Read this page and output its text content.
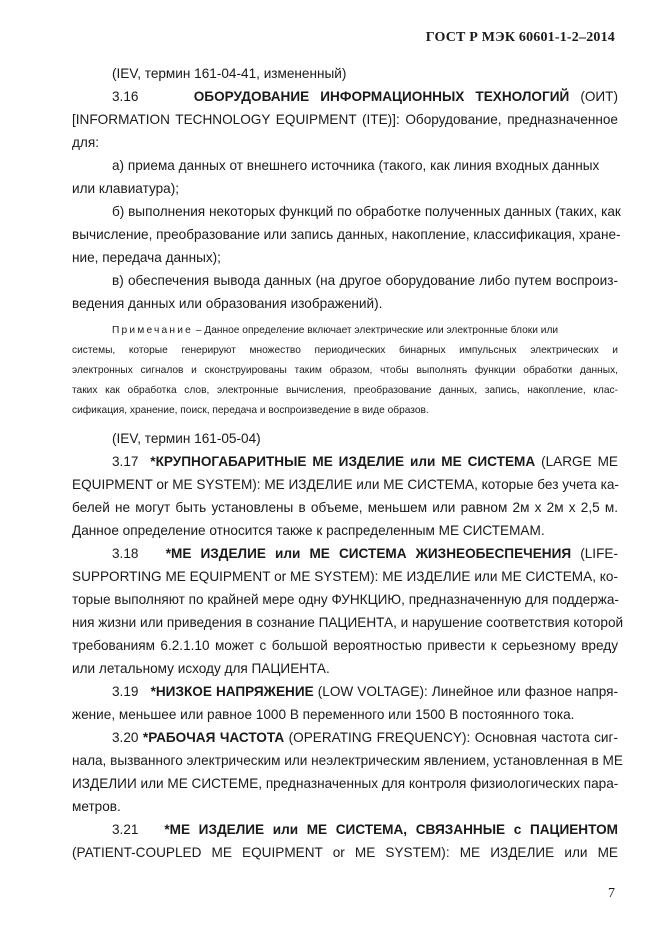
ГОСТ Р МЭК 60601-1-2–2014
(IEV, термин 161-04-41, измененный)
3.16	ОБОРУДОВАНИЕ ИНФОРМАЦИОННЫХ ТЕХНОЛОГИЙ (ОИТ)
[INFORMATION TECHNOLOGY EQUIPMENT (ITE)]: Оборудование, предназначенное
для:
а) приема данных от внешнего источника (такого, как линия входных данных
или клавиатура);
б) выполнения некоторых функций по обработке полученных данных (таких, как
вычисление, преобразование или запись данных, накопление, классификация, хране-
ние, передача данных);
в) обеспечения вывода данных (на другое оборудование либо путем воспроиз-
ведения данных или образования изображений).
Примечание – Данное определение включает электрические или электронные блоки или
системы, которые генерируют множество периодических бинарных импульсных электрических и
электронных сигналов и сконструированы таким образом, чтобы выполнять функции обработки данных,
таких как обработка слов, электронные вычисления, преобразование данных, запись, накопление, клас-
сификация, хранение, поиск, передача и воспроизведение в виде образов.
(IEV, термин 161-05-04)
3.17 *КРУПНОГАБАРИТНЫЕ МЕ ИЗДЕЛИЕ или МЕ СИСТЕМА (LARGE ME
EQUIPMENT or ME SYSTEM): МЕ ИЗДЕЛИЕ или МЕ СИСТЕМА, которые без учета ка-
белей не могут быть установлены в объеме, меньшем или равном 2м х 2м х 2,5 м.
Данное определение относится также к распределенным МЕ СИСТЕМАМ.
3.18 *МЕ ИЗДЕЛИЕ или МЕ СИСТЕМА ЖИЗНЕОБЕСПЕЧЕНИЯ (LIFE-
SUPPORTING ME EQUIPMENT or ME SYSTEM): МЕ ИЗДЕЛИЕ или МЕ СИСТЕМА, ко-
торые выполняют по крайней мере одну ФУНКЦИЮ, предназначенную для поддержа-
ния жизни или приведения в сознание ПАЦИЕНТА, и нарушение соответствия которой
требованиям 6.2.1.10 может с большой вероятностью привести к серьезному вреду
или летальному исходу для ПАЦИЕНТА.
3.19 *НИЗКОЕ НАПРЯЖЕНИЕ (LOW VOLTAGE): Линейное или фазное напря-
жение, меньшее или равное 1000 В переменного или 1500 В постоянного тока.
3.20 *РАБОЧАЯ ЧАСТОТА (OPERATING FREQUENCY): Основная частота сиг-
нала, вызванного электрическим или неэлектрическим явлением, установленная в МЕ
ИЗДЕЛИИ или МЕ СИСТЕМЕ, предназначенных для контроля физиологических пара-
метров.
3.21 *МЕ ИЗДЕЛИЕ или МЕ СИСТЕМА, СВЯЗАННЫЕ с ПАЦИЕНТОМ
(PATIENT-COUPLED ME EQUIPMENT or ME SYSTEM): МЕ ИЗДЕЛИЕ или МЕ
7
